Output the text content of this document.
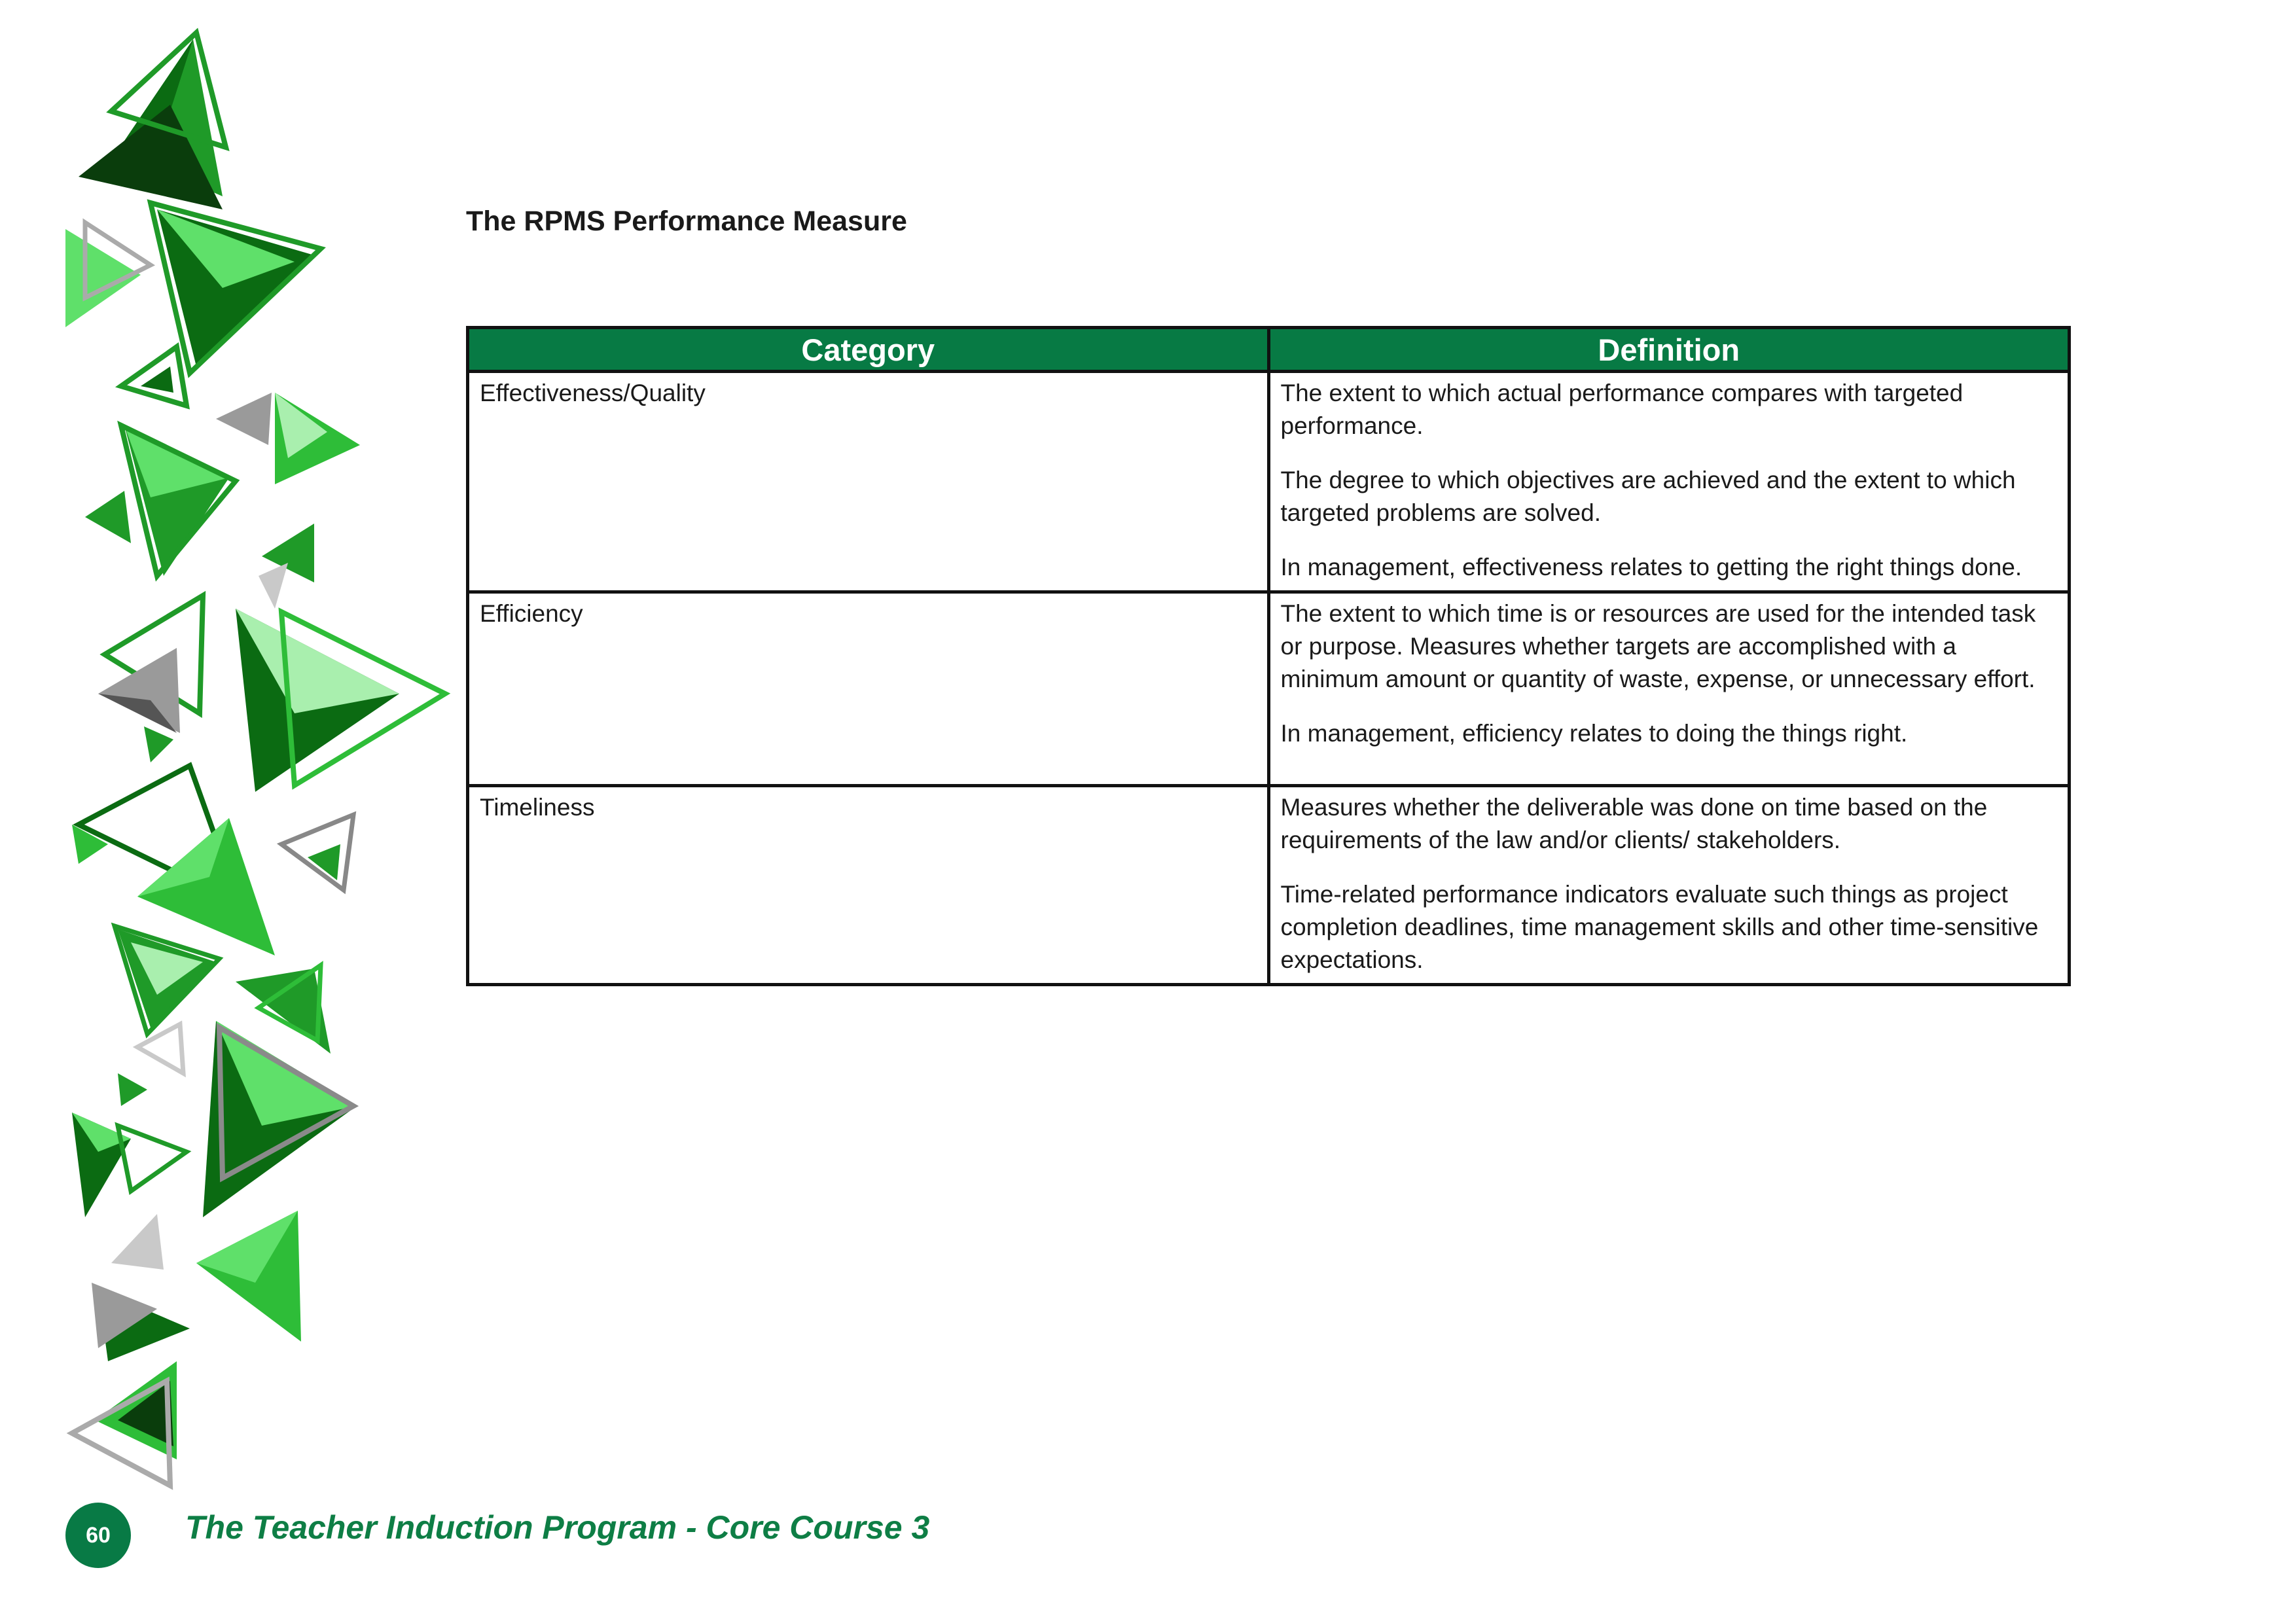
The RPMS Performance Measure
Category	Definition
Effectiveness/Quality	The extent to which actual performance compares with targeted performance.

The degree to which objectives are achieved and the extent to which targeted problems are solved.

In management, effectiveness relates to getting the right things done.

Efficiency	The extent to which time is or resources are used for the intended task or purpose. Measures whether targets are accomplished with a minimum amount or quantity of waste, expense, or unnecessary effort.

In management, efficiency relates to doing the things right.

Timeliness	Measures whether the deliverable was done on time based on the requirements of the law and/or clients/ stakeholders.

Time-related performance indicators evaluate such things as project completion deadlines, time management skills and other time-sensitive expectations.

60 The Teacher Induction Program - Core Course 3
